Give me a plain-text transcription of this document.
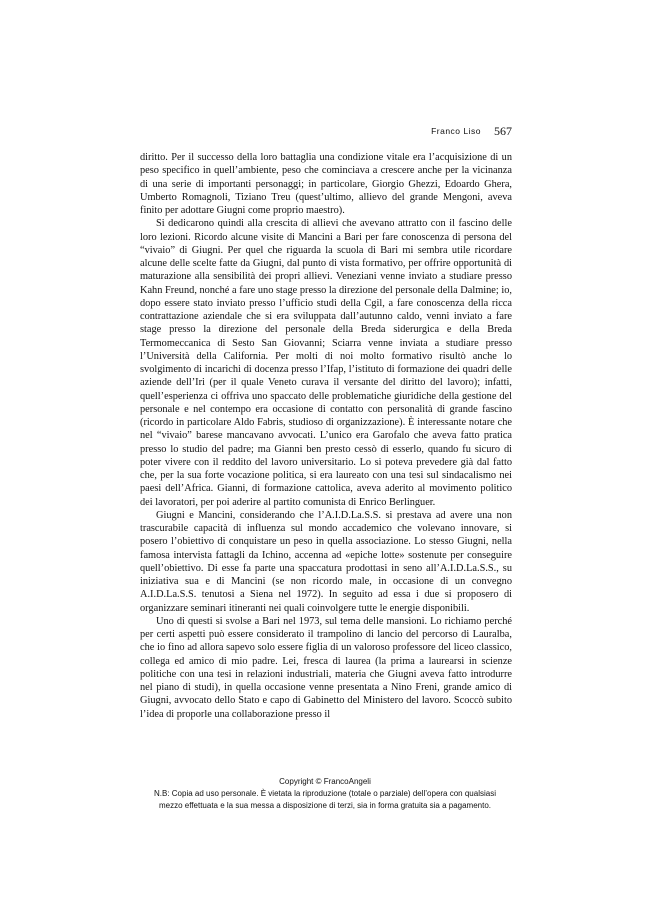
Franco Liso 567

diritto. Per il successo della loro battaglia una condizione vitale era l’acquisizione di un peso specifico in quell’ambiente, peso che cominciava a crescere anche per la vicinanza di una serie di importanti personaggi; in particolare, Giorgio Ghezzi, Edoardo Ghera, Umberto Romagnoli, Tiziano Treu (quest’ultimo, allievo del grande Mengoni, aveva finito per adottare Giugni come proprio maestro).

Si dedicarono quindi alla crescita di allievi che avevano attratto con il fascino delle loro lezioni. Ricordo alcune visite di Mancini a Bari per fare conoscenza di persona del “vivaio” di Giugni. Per quel che riguarda la scuola di Bari mi sembra utile ricordare alcune delle scelte fatte da Giugni, dal punto di vista formativo, per offrire opportunità di maturazione alla sensibilità dei propri allievi. Veneziani venne inviato a studiare presso Kahn Freund, nonché a fare uno stage presso la direzione del personale della Dalmine; io, dopo essere stato inviato presso l’ufficio studi della Cgil, a fare conoscenza della ricca contrattazione aziendale che si era sviluppata dall’autunno caldo, venni inviato a fare stage presso la direzione del personale della Breda siderurgica e della Breda Termomeccanica di Sesto San Giovanni; Sciarra venne inviata a studiare presso l’Università della California. Per molti di noi molto formativo risultò anche lo svolgimento di incarichi di docenza presso l’Ifap, l’istituto di formazione dei quadri delle aziende dell’Iri (per il quale Veneto curava il versante del diritto del lavoro); infatti, quell’esperienza ci offriva uno spaccato delle problematiche giuridiche della gestione del personale e nel contempo era occasione di contatto con personalità di grande fascino (ricordo in particolare Aldo Fabris, studioso di organizzazione). È interessante notare che nel “vivaio” barese mancavano avvocati. L’unico era Garofalo che aveva fatto pratica presso lo studio del padre; ma Gianni ben presto cessò di esserlo, quando fu sicuro di poter vivere con il reddito del lavoro universitario. Lo si poteva prevedere già dal fatto che, per la sua forte vocazione politica, si era laureato con una tesi sul sindacalismo nei paesi dell’Africa. Gianni, di formazione cattolica, aveva aderito al movimento politico dei lavoratori, per poi aderire al partito comunista di Enrico Berlinguer.

Giugni e Mancini, considerando che l’A.I.D.La.S.S. si prestava ad avere una non trascurabile capacità di influenza sul mondo accademico che volevano innovare, si posero l’obiettivo di conquistare un peso in quella associazione. Lo stesso Giugni, nella famosa intervista fattagli da Ichino, accenna ad «epiche lotte» sostenute per conseguire quell’obiettivo. Di esse fa parte una spaccatura prodottasi in seno all’A.I.D.La.S.S., su iniziativa sua e di Mancini (se non ricordo male, in occasione di un convegno A.I.D.La.S.S. tenutosi a Siena nel 1972). In seguito ad essa i due si proposero di organizzare seminari itineranti nei quali coinvolgere tutte le energie disponibili.

Uno di questi si svolse a Bari nel 1973, sul tema delle mansioni. Lo richiamo perché per certi aspetti può essere considerato il trampolino di lancio del percorso di Lauralba, che io fino ad allora sapevo solo essere figlia di un valoroso professore del liceo classico, collega ed amico di mio padre. Lei, fresca di laurea (la prima a laurearsi in scienze politiche con una tesi in relazioni industriali, materia che Giugni aveva fatto introdurre nel piano di studi), in quella occasione venne presentata a Nino Freni, grande amico di Giugni, avvocato dello Stato e capo di Gabinetto del Ministero del lavoro. Scoccò subito l’idea di proporle una collaborazione presso il

Copyright © FrancoAngeli
N.B: Copia ad uso personale. È vietata la riproduzione (totale o parziale) dell’opera con qualsiasi
mezzo effettuata e la sua messa a disposizione di terzi, sia in forma gratuita sia a pagamento.
